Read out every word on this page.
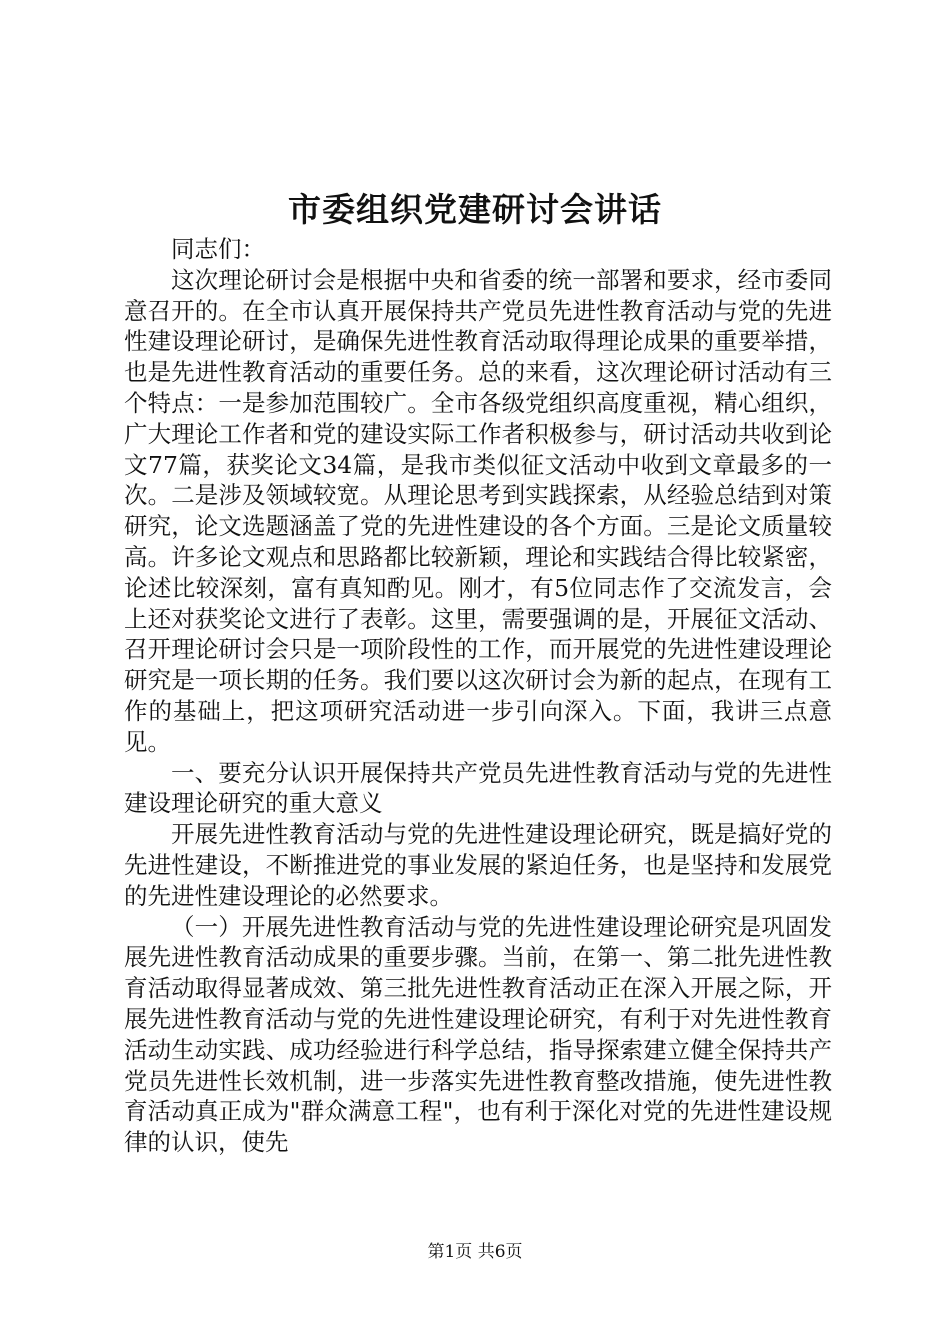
市委组织党建研讨会讲话

同志们：

这次理论研讨会是根据中央和省委的统一部署和要求，经市委同意召开的。在全市认真开展保持共产党员先进性教育活动与党的先进性建设理论研讨，是确保先进性教育活动取得理论成果的重要举措，也是先进性教育活动的重要任务。总的来看，这次理论研讨活动有三个特点：一是参加范围较广。全市各级党组织高度重视，精心组织，广大理论工作者和党的建设实际工作者积极参与，研讨活动共收到论文77篇，获奖论文34篇，是我市类似征文活动中收到文章最多的一次。二是涉及领域较宽。从理论思考到实践探索，从经验总结到对策研究，论文选题涵盖了党的先进性建设的各个方面。三是论文质量较高。许多论文观点和思路都比较新颖，理论和实践结合得比较紧密，论述比较深刻，富有真知酌见。刚才，有5位同志作了交流发言，会上还对获奖论文进行了表彰。这里，需要强调的是，开展征文活动、召开理论研讨会只是一项阶段性的工作，而开展党的先进性建设理论研究是一项长期的任务。我们要以这次研讨会为新的起点，在现有工作的基础上，把这项研究活动进一步引向深入。下面，我讲三点意见。

一、要充分认识开展保持共产党员先进性教育活动与党的先进性建设理论研究的重大意义

开展先进性教育活动与党的先进性建设理论研究，既是搞好党的先进性建设，不断推进党的事业发展的紧迫任务，也是坚持和发展党的先进性建设理论的必然要求。

（一）开展先进性教育活动与党的先进性建设理论研究是巩固发展先进性教育活动成果的重要步骤。当前，在第一、第二批先进性教育活动取得显著成效、第三批先进性教育活动正在深入开展之际，开展先进性教育活动与党的先进性建设理论研究，有利于对先进性教育活动生动实践、成功经验进行科学总结，指导探索建立健全保持共产党员先进性长效机制，进一步落实先进性教育整改措施，使先进性教育活动真正成为"群众满意工程"，也有利于深化对党的先进性建设规律的认识，使先

第1页 共6页
